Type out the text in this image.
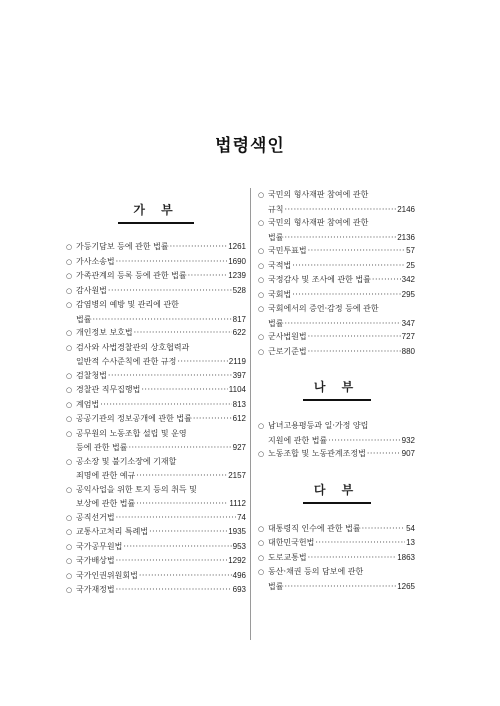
법령색인
가 부
○ 가등기담보 등에 관한 법률 ·····	1261
○ 가사소송법 ·····	1690
○ 가족관계의 등록 등에 관한 법률 ·····	1239
○ 감사원법 ·····	528
○ 감염병의 예방 및 관리에 관한
법률 ·····	817
○ 개인정보 보호법 ·····	622
○ 검사와 사법경찰관의 상호협력과
일반적 수사준칙에 관한 규정 ·····	2119
○ 검찰청법 ·····	397
○ 경찰관 직무집행법 ·····	1104
○ 계엄법 ·····	813
○ 공공기관의 정보공개에 관한 법률 ·····	612
○ 공무원의 노동조합 설립 및 운영
등에 관한 법률 ·····	927
○ 공소장 및 불기소장에 기재할
죄명에 관한 예규 ·····	2157
○ 공익사업을 위한 토지 등의 취득 및
보상에 관한 법률 ·····	1112
○ 공직선거법 ·····	74
○ 교통사고처리 특례법 ·····	1935
○ 국가공무원법 ·····	953
○ 국가배상법 ·····	1292
○ 국가인권위원회법 ·····	496
○ 국가재정법 ·····	693
○ 국민의 형사재판 참여에 관한
규칙 ·····	2146
○ 국민의 형사재판 참여에 관한
법률 ·····	2136
○ 국민투표법 ·····	57
○ 국적법 ·····	25
○ 국정감사 및 조사에 관한 법률 ·····	342
○ 국회법 ·····	295
○ 국회에서의 증언·감정 등에 관한
법률 ·····	347
○ 군사법원법 ·····	727
○ 근로기준법 ·····	880
나 부
○ 남녀고용평등과 일·가정 양립
지원에 관한 법률 ·····	932
○ 노동조합 및 노동관계조정법 ·····	907
다 부
○ 대통령직 인수에 관한 법률 ·····	54
○ 대한민국헌법 ·····	13
○ 도로교통법 ·····	1863
○ 동산·채권 등의 담보에 관한
법률 ·····	1265
